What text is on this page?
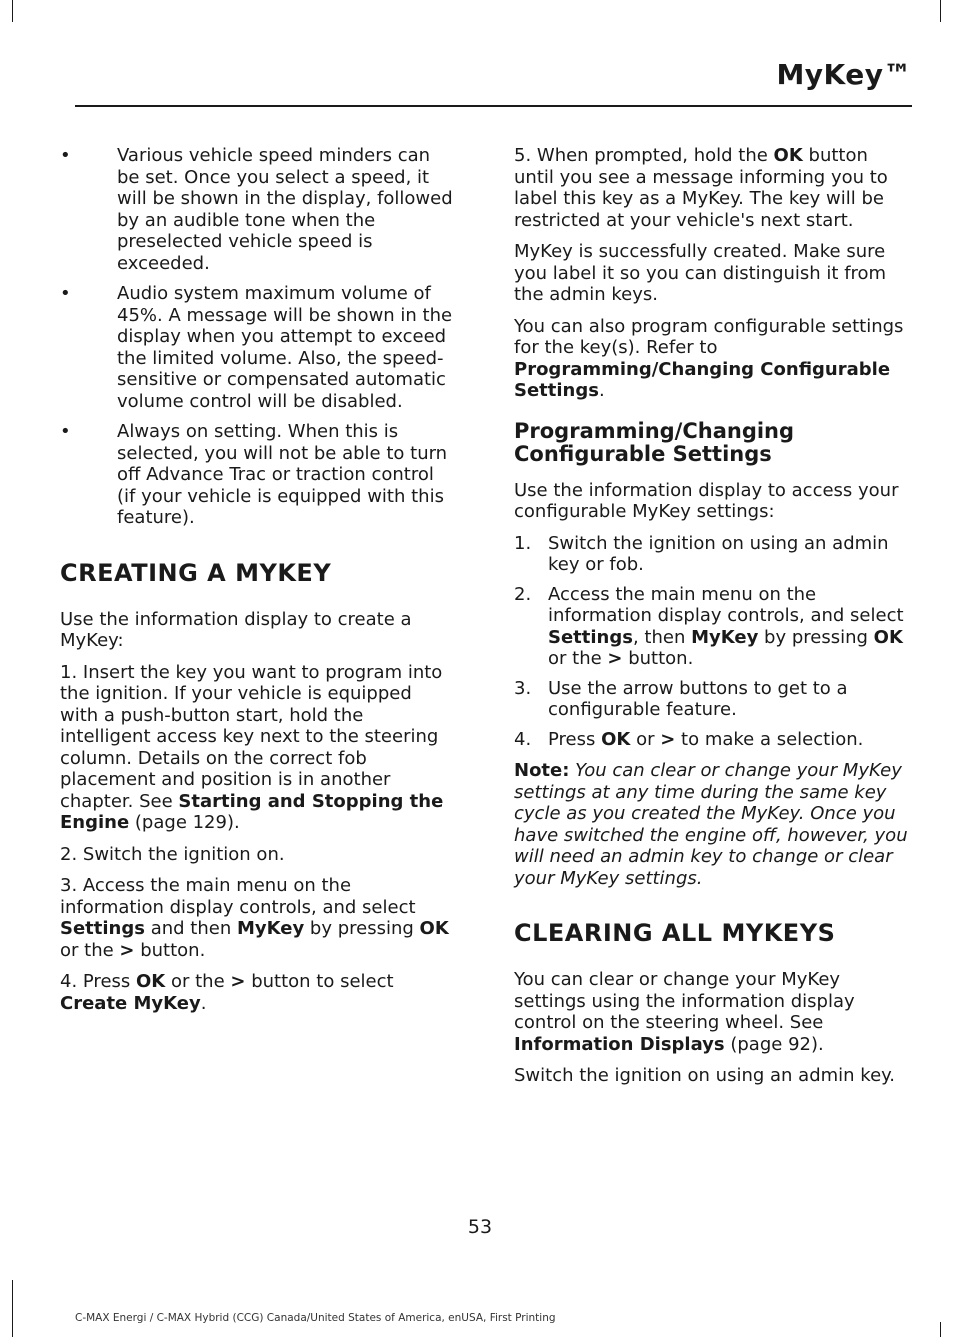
MyKey™
•	Various vehicle speed minders can be set. Once you select a speed, it will be shown in the display, followed by an audible tone when the preselected vehicle speed is exceeded.
•	Audio system maximum volume of 45%. A message will be shown in the display when you attempt to exceed the limited volume. Also, the speed-sensitive or compensated automatic volume control will be disabled.
•	Always on setting. When this is selected, you will not be able to turn off Advance Trac or traction control (if your vehicle is equipped with this feature).
CREATING A MYKEY

Use the information display to create a MyKey:

1. Insert the key you want to program into the ignition. If your vehicle is equipped with a push-button start, hold the intelligent access key next to the steering column. Details on the correct fob placement and position is in another chapter. See Starting and Stopping the Engine (page 129).

2. Switch the ignition on.

3. Access the main menu on the information display controls, and select Settings and then MyKey by pressing OK or the > button.

4. Press OK or the > button to select Create MyKey.

5. When prompted, hold the OK button until you see a message informing you to label this key as a MyKey. The key will be restricted at your vehicle's next start.

MyKey is successfully created. Make sure you label it so you can distinguish it from the admin keys.

You can also program configurable settings for the key(s). Refer to Programming/Changing Configurable Settings.

Programming/Changing Configurable Settings

Use the information display to access your configurable MyKey settings:

1. Switch the ignition on using an admin key or fob.
2. Access the main menu on the information display controls, and select Settings, then MyKey by pressing OK or the > button.
3. Use the arrow buttons to get to a configurable feature.
4. Press OK or > to make a selection.

Note: You can clear or change your MyKey settings at any time during the same key cycle as you created the MyKey. Once you have switched the engine off, however, you will need an admin key to change or clear your MyKey settings.

CLEARING ALL MYKEYS

You can clear or change your MyKey settings using the information display control on the steering wheel. See Information Displays (page 92).

Switch the ignition on using an admin key.

53
C-MAX Energi / C-MAX Hybrid (CCG) Canada/United States of America, enUSA, First Printing
